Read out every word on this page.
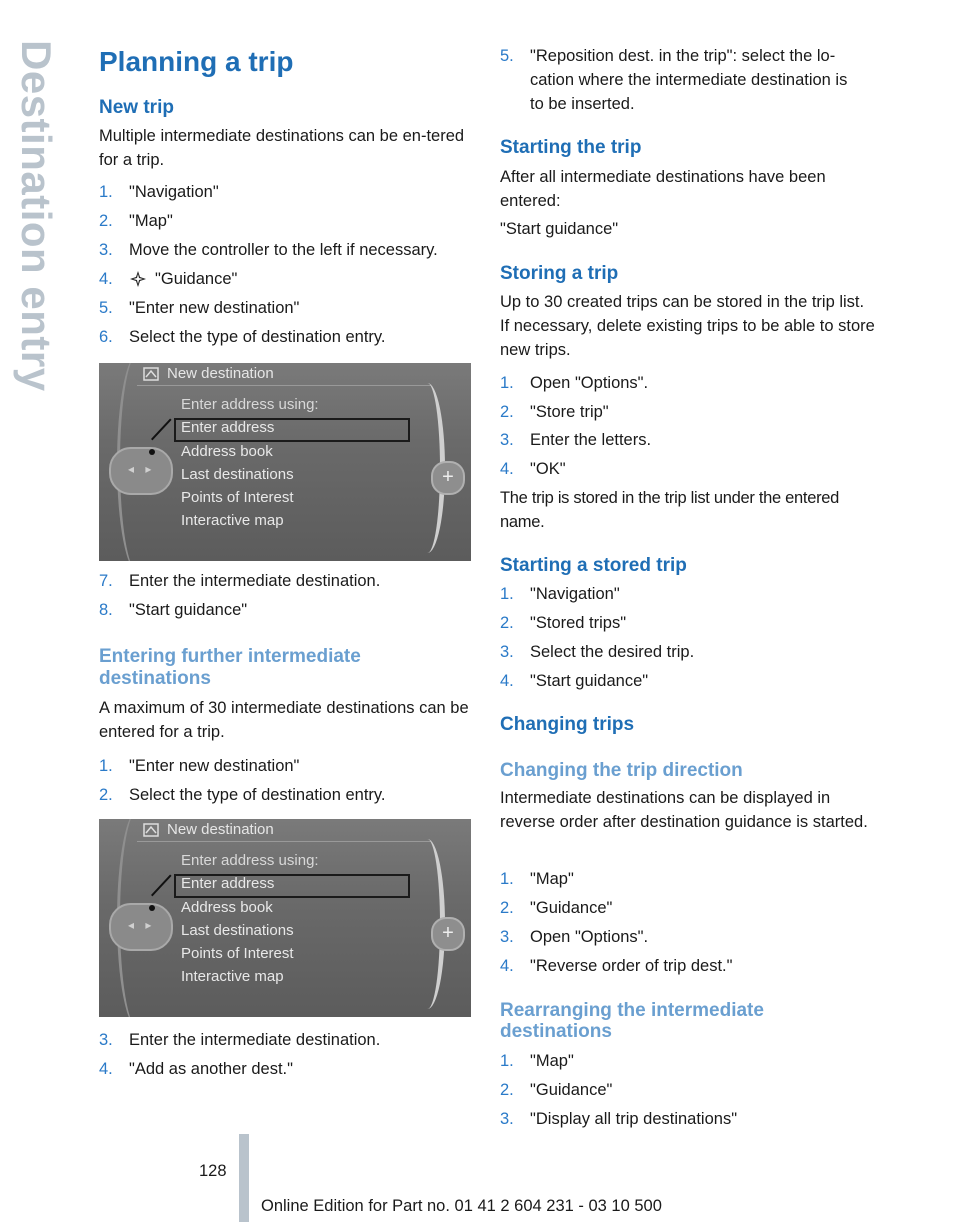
Destination entry Planning a trip
New trip

Multiple intermediate destinations can be en‐tered for a trip.

1. "Navigation"
2. "Map"
3. Move the controller to the left if necessary.
4.	"Guidance"
5. "Enter new destination"
6. Select the type of destination entry.
New destination
Enter address using:
Enter address
Address book
Last destinations
Points of Interest
Interactive map
◂ ▸	+
7. Enter the intermediate destination.
8. "Start guidance"
Entering further intermediate
destinations

A maximum of 30 intermediate destinations can be entered for a trip.

1. "Enter new destination"
2. Select the type of destination entry.
New destination
Enter address using:
Enter address
Address book
Last destinations
Points of Interest
Interactive map
◂ ▸	+
3. Enter the intermediate destination.
4. "Add as another dest."
5. "Reposition dest. in the trip": select the lo‐
cation where the intermediate destination is
to be inserted.
Starting the trip

After all intermediate destinations have been entered:

"Start guidance"

Storing a trip

Up to 30 created trips can be stored in the trip list. If necessary, delete existing trips to be able to store new trips.

1. Open "Options".
2. "Store trip"
3. Enter the letters.
4. "OK"

The trip is stored in the trip list under the entered name.

Starting a stored trip
1. "Navigation"
2. "Stored trips"
3. Select the desired trip.
4. "Start guidance"
Changing trips
Changing the trip direction

Intermediate destinations can be displayed in reverse order after destination guidance is started.

1. "Map"
2. "Guidance"
3. Open "Options".
4. "Reverse order of trip dest."
Rearranging the intermediate
destinations
1. "Map"
2. "Guidance"
3. "Display all trip destinations"
128
Online Edition for Part no. 01 41 2 604 231 - 03 10 500
